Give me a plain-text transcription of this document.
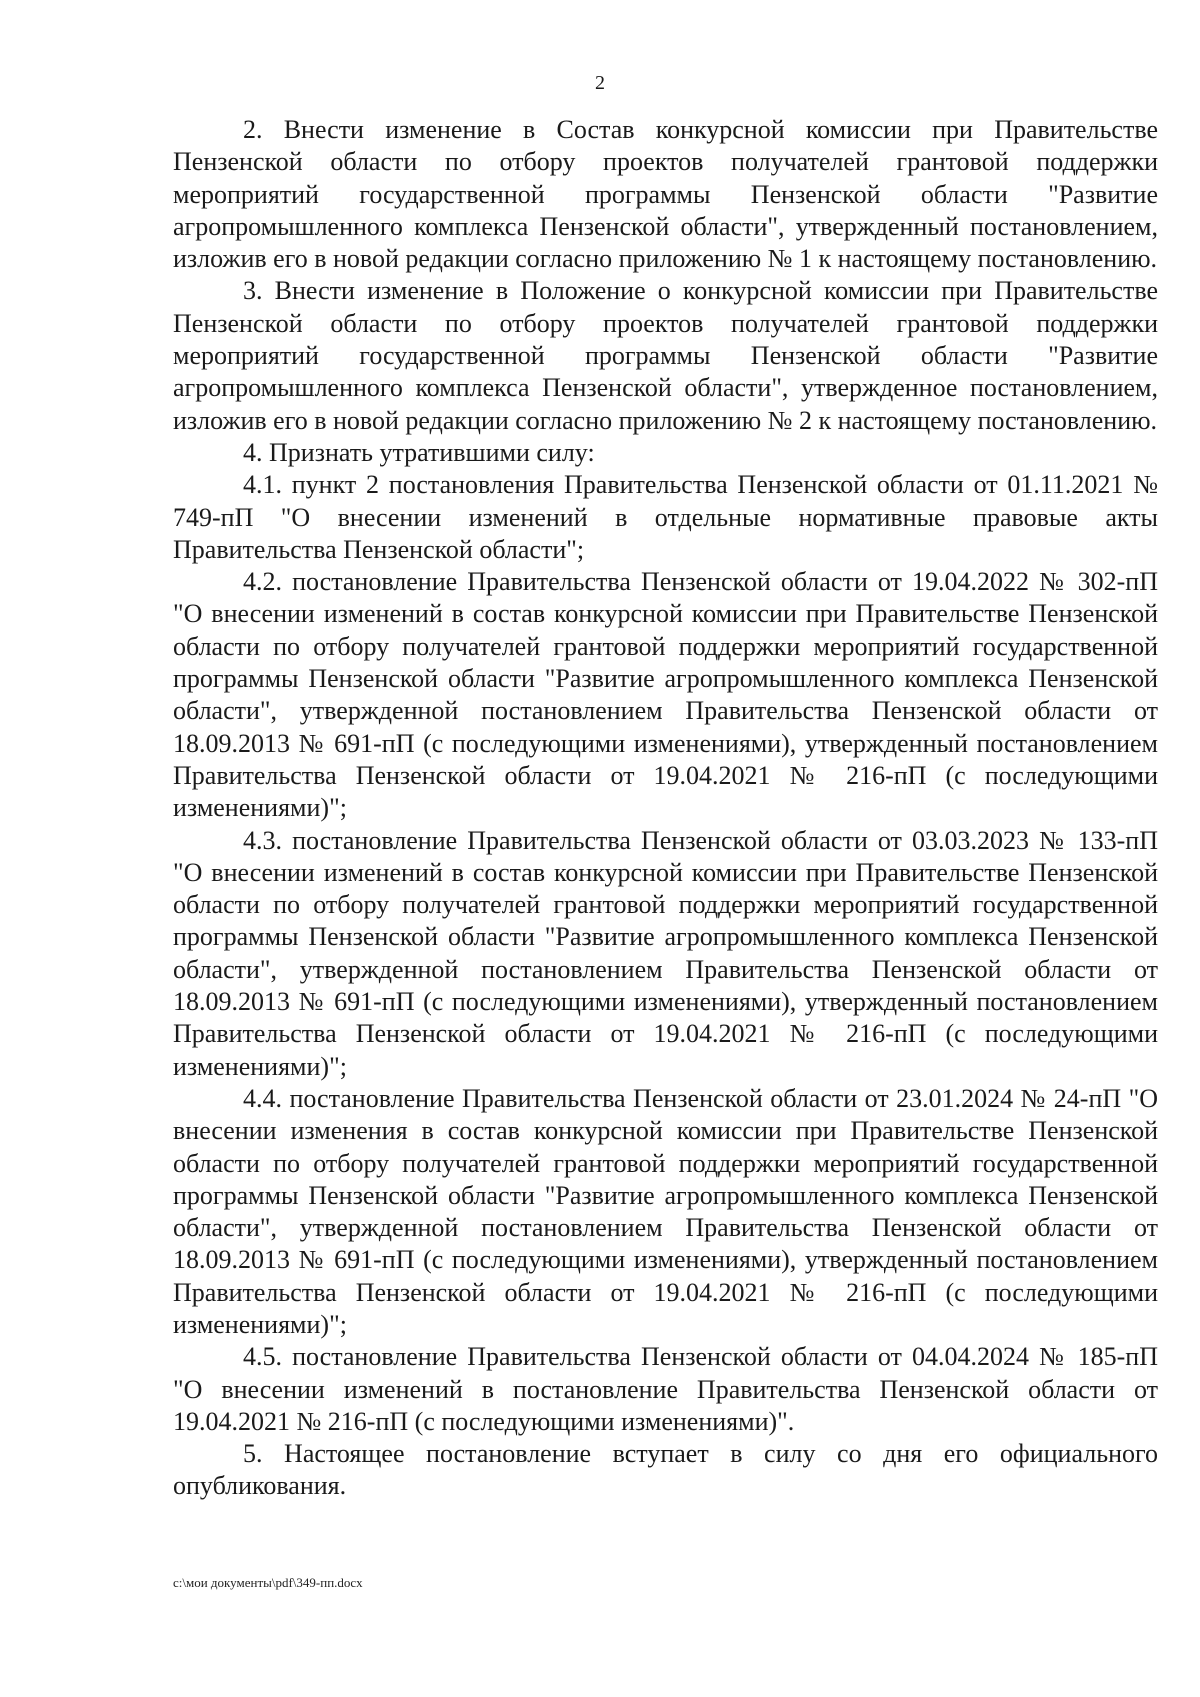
2

2. Внести изменение в Состав конкурсной комиссии при Правительстве Пензенской области по отбору проектов получателей грантовой поддержки мероприятий государственной программы Пензенской области "Развитие агропромышленного комплекса Пензенской области", утвержденный постановлением, изложив его в новой редакции согласно приложению № 1 к настоящему постановлению.

3. Внести изменение в Положение о конкурсной комиссии при Правительстве Пензенской области по отбору проектов получателей грантовой поддержки мероприятий государственной программы Пензенской области "Развитие агропромышленного комплекса Пензенской области", утвержденное постановлением, изложив его в новой редакции согласно приложению № 2 к настоящему постановлению.

4. Признать утратившими силу:

4.1. пункт 2 постановления Правительства Пензенской области от 01.11.2021 № 749-пП "О внесении изменений в отдельные нормативные правовые акты Правительства Пензенской области";

4.2. постановление Правительства Пензенской области от 19.04.2022 № 302-пП "О внесении изменений в состав конкурсной комиссии при Правительстве Пензенской области по отбору получателей грантовой поддержки мероприятий государственной программы Пензенской области "Развитие агропромышленного комплекса Пензенской области", утвержденной постановлением Правительства Пензенской области от 18.09.2013 № 691-пП (с последующими изменениями), утвержденный постановлением Правительства Пензенской области от 19.04.2021 № 216-пП (с последующими изменениями)";

4.3. постановление Правительства Пензенской области от 03.03.2023 № 133-пП "О внесении изменений в состав конкурсной комиссии при Правительстве Пензенской области по отбору получателей грантовой поддержки мероприятий государственной программы Пензенской области "Развитие агропромышленного комплекса Пензенской области", утвержденной постановлением Правительства Пензенской области от 18.09.2013 № 691-пП (с последующими изменениями), утвержденный постановлением Правительства Пензенской области от 19.04.2021 № 216-пП (с последующими изменениями)";

4.4. постановление Правительства Пензенской области от 23.01.2024 № 24-пП "О внесении изменения в состав конкурсной комиссии при Правительстве Пензенской области по отбору получателей грантовой поддержки мероприятий государственной программы Пензенской области "Развитие агропромышленного комплекса Пензенской области", утвержденной постановлением Правительства Пензенской области от 18.09.2013 № 691-пП (с последующими изменениями), утвержденный постановлением Правительства Пензенской области от 19.04.2021 № 216-пП (с последующими изменениями)";

4.5. постановление Правительства Пензенской области от 04.04.2024 № 185-пП "О внесении изменений в постановление Правительства Пензенской области от 19.04.2021 № 216-пП (с последующими изменениями)".

5. Настоящее постановление вступает в силу со дня его официального опубликования.

c:\мои документы\pdf\349-пп.docx
